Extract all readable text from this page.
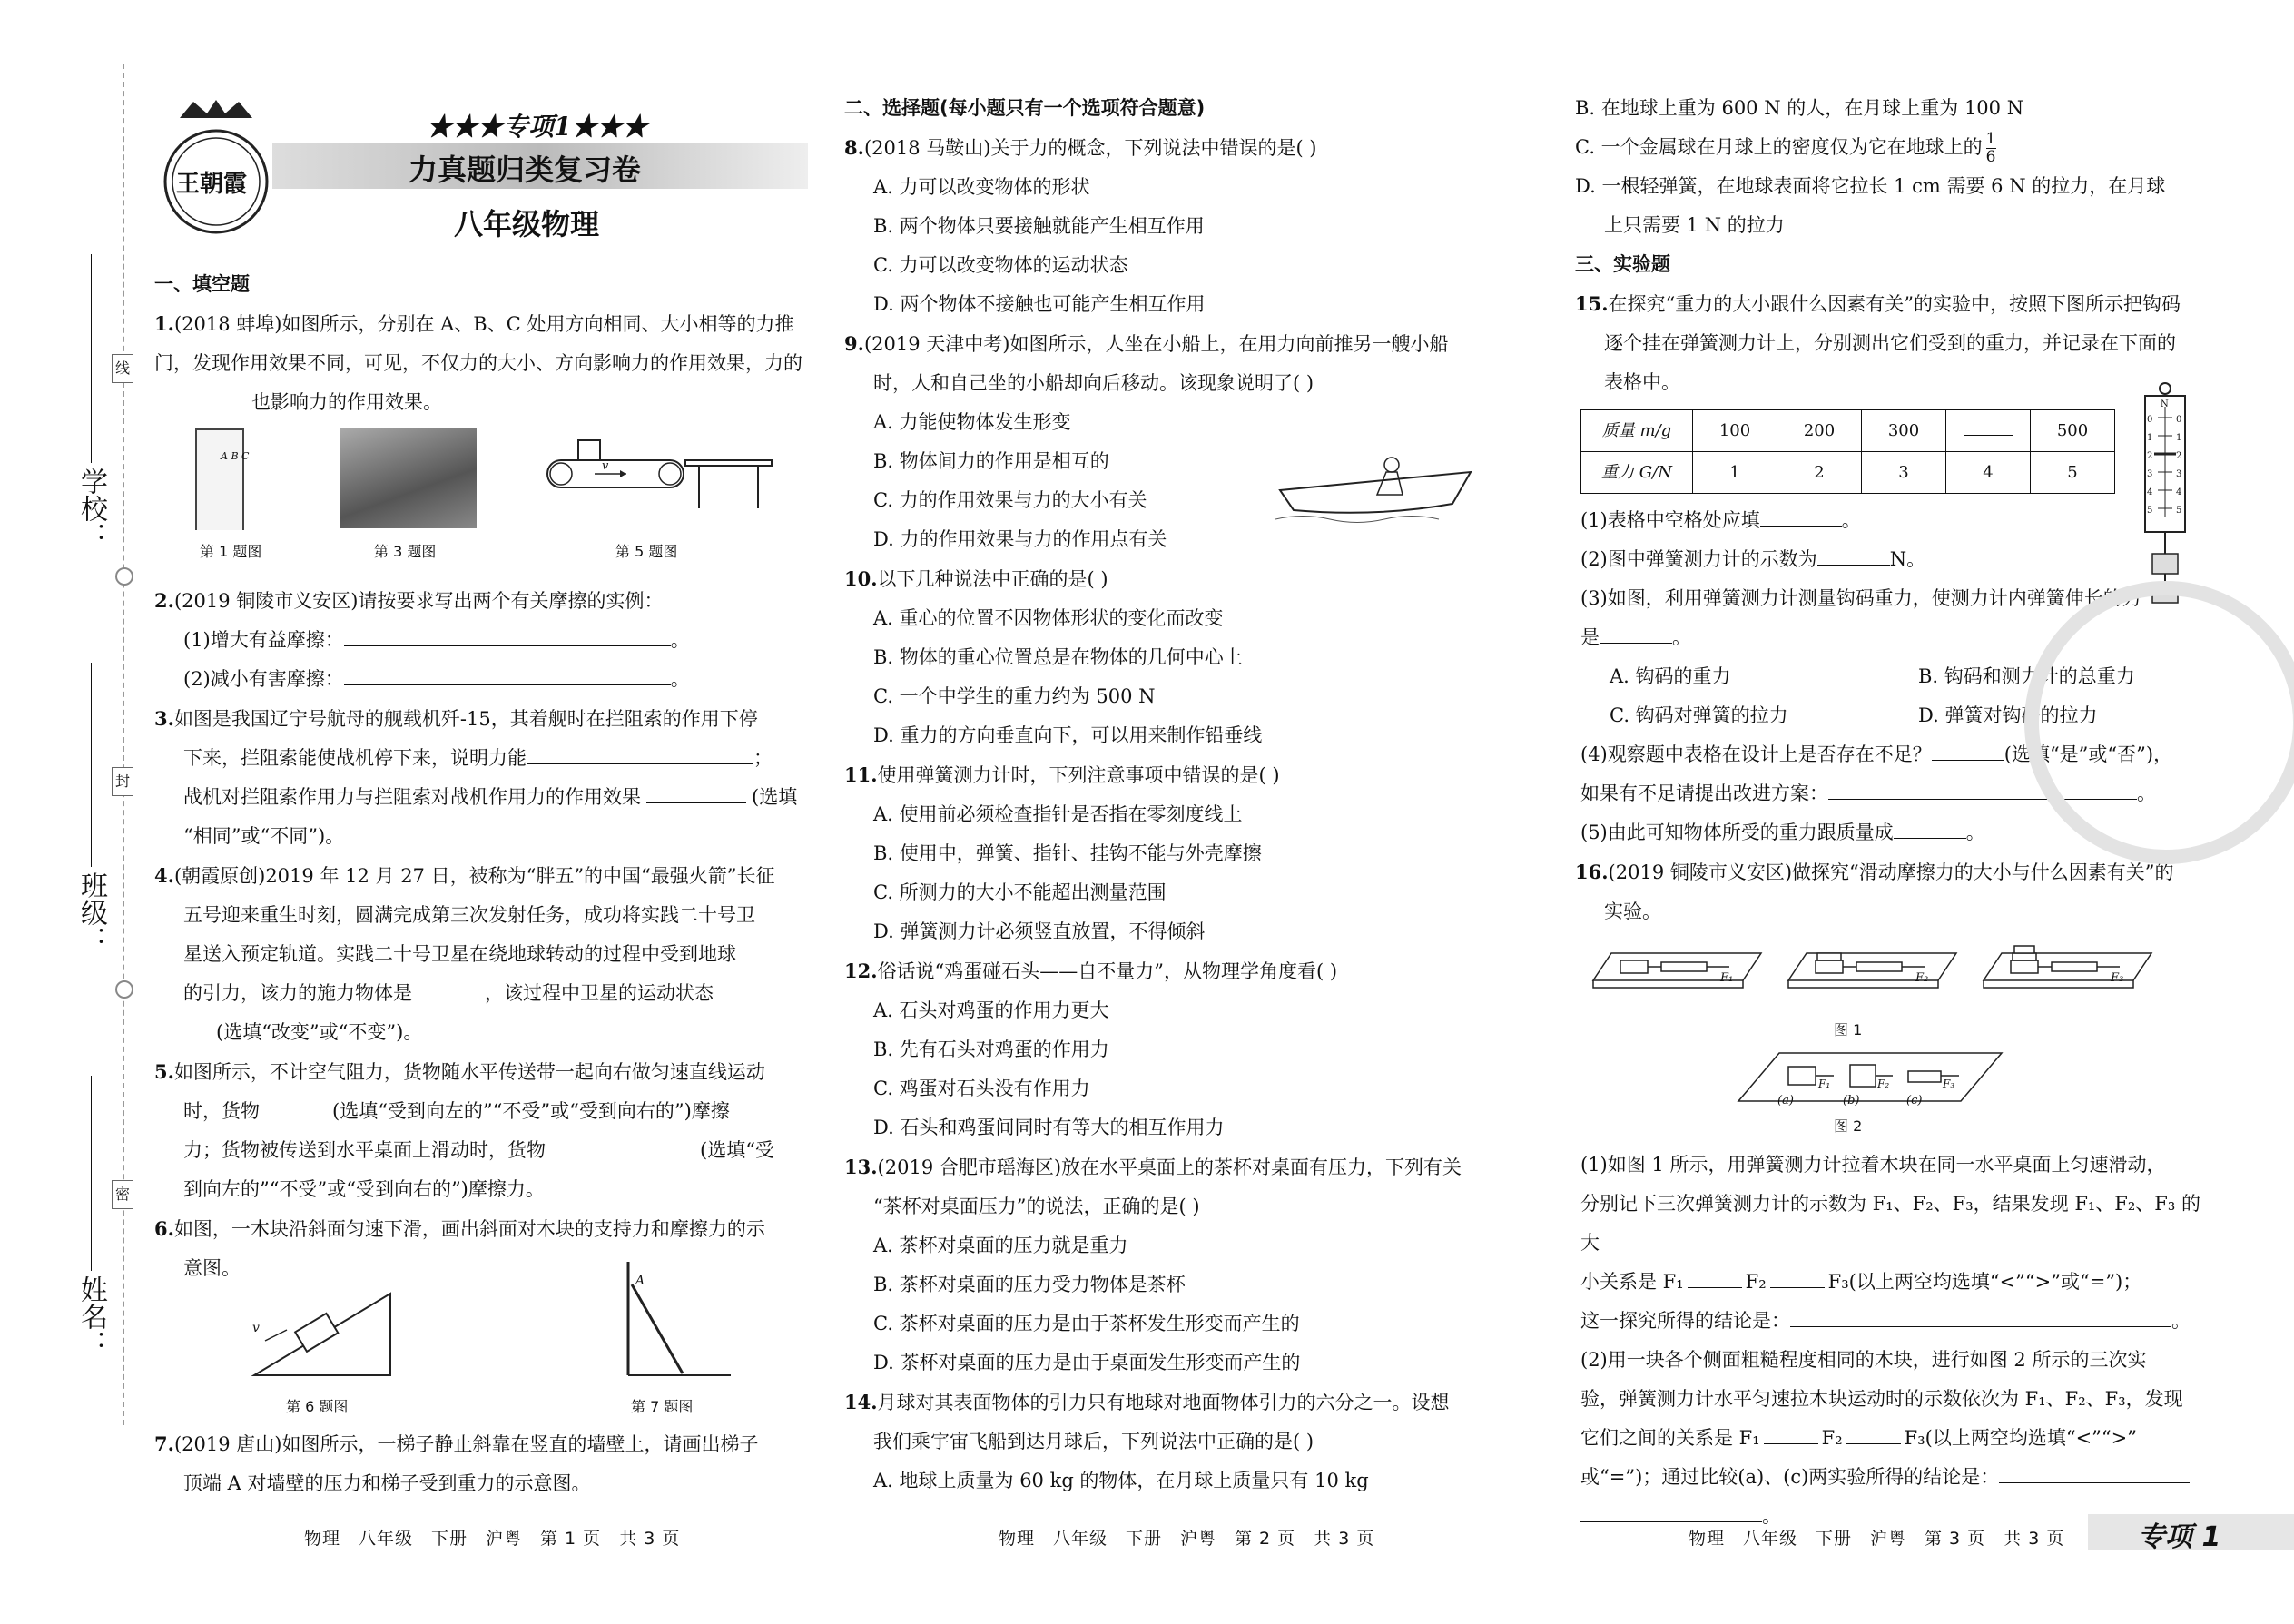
学校：
班级：
姓名：
线
封
密
王朝霞
★★★专项1★★★
力真题归类复习卷
八年级物理

一、填空题

1.(2018 蚌埠)如图所示，分别在 A、B、C 处用方向相同、大小相等的力推门，发现作用效果不同，可见，不仅力的大小、方向影响力的作用效果，力的也影响力的作用效果。

2.(2019 铜陵市义安区)请按要求写出两个有关摩擦的实例：

(1)增大有益摩擦：	。

(2)减小有害摩擦：	。

3.如图是我国辽宁号航母的舰载机歼-15，其着舰时在拦阻索的作用下停

下来，拦阻索能使战机停下来，说明力能	；

战机对拦阻索作用力与拦阻索对战机作用力的作用效果	(选填

“相同”或“不同”)。

4.(朝霞原创)2019 年 12 月 27 日，被称为“胖五”的中国“最强火箭”长征

五号迎来重生时刻，圆满完成第三次发射任务，成功将实践二十号卫

星送入预定轨道。实践二十号卫星在绕地球转动的过程中受到地球

的引力，该力的施力物体是	，该过程中卫星的运动状态

(选填“改变”或“不变”)。

5.如图所示，不计空气阻力，货物随水平传送带一起向右做匀速直线运动

时，货物	(选填“受到向左的”“不受”或“受到向右的”)摩擦

力；货物被传送到水平桌面上滑动时，货物	(选填“受

到向左的”“不受”或“受到向右的”)摩擦力。

6.如图，一木块沿斜面匀速下滑，画出斜面对木块的支持力和摩擦力的示

意图。

7.(2019 唐山)如图所示，一梯子静止斜靠在竖直的墙壁上，请画出梯子

顶端 A 对墙壁的压力和梯子受到重力的示意图。

A B C
v
第 1 题图	第 3 题图	第 5 题图
v
A
第 6 题图	第 7 题图

二、选择题(每小题只有一个选项符合题意)

8.(2018 马鞍山)关于力的概念，下列说法中错误的是( )

A. 力可以改变物体的形状

B. 两个物体只要接触就能产生相互作用

C. 力可以改变物体的运动状态

D. 两个物体不接触也可能产生相互作用

9.(2019 天津中考)如图所示，人坐在小船上，在用力向前推另一艘小船

时，人和自己坐的小船却向后移动。该现象说明了( )

A. 力能使物体发生形变

B. 物体间力的作用是相互的

C. 力的作用效果与力的大小有关

D. 力的作用效果与力的作用点有关

10.以下几种说法中正确的是( )

A. 重心的位置不因物体形状的变化而改变

B. 物体的重心位置总是在物体的几何中心上

C. 一个中学生的重力约为 500 N

D. 重力的方向垂直向下，可以用来制作铅垂线

11.使用弹簧测力计时，下列注意事项中错误的是( )

A. 使用前必须检查指针是否指在零刻度线上

B. 使用中，弹簧、指针、挂钩不能与外壳摩擦

C. 所测力的大小不能超出测量范围

D. 弹簧测力计必须竖直放置，不得倾斜

12.俗话说“鸡蛋碰石头——自不量力”，从物理学角度看( )

A. 石头对鸡蛋的作用力更大

B. 先有石头对鸡蛋的作用力

C. 鸡蛋对石头没有作用力

D. 石头和鸡蛋间同时有等大的相互作用力

13.(2019 合肥市瑶海区)放在水平桌面上的茶杯对桌面有压力，下列有关

“茶杯对桌面压力”的说法，正确的是( )

A. 茶杯对桌面的压力就是重力

B. 茶杯对桌面的压力受力物体是茶杯

C. 茶杯对桌面的压力是由于茶杯发生形变而产生的

D. 茶杯对桌面的压力是由于桌面发生形变而产生的

14.月球对其表面物体的引力只有地球对地面物体引力的六分之一。设想

我们乘宇宙飞船到达月球后，下列说法中正确的是( )

A. 地球上质量为 60 kg 的物体，在月球上质量只有 10 kg

B. 在地球上重为 600 N 的人，在月球上重为 100 N

C. 一个金属球在月球上的密度仅为它在地球上的 $\frac{1}{6}$

D. 一根轻弹簧，在地球表面将它拉长 1 cm 需要 6 N 的拉力，在月球

上只需要 1 N 的拉力

三、实验题

15.在探究“重力的大小跟什么因素有关”的实验中，按照下图所示把钩码

逐个挂在弹簧测力计上，分别测出它们受到的重力，并记录在下面的

表格中。

质量 m/g	100	200	300		500
重力 G/N	1	2	3	4	5

(1)表格中空格处应填	。

(2)图中弹簧测力计的示数为	N。

(3)如图，利用弹簧测力计测量钩码重力，使测力计内弹簧伸长的力

是	。

A. 钩码的重力	B. 钩码和测力计的总重力

C. 钩码对弹簧的拉力	D. 弹簧对钩码的拉力

(4)观察题中表格在设计上是否存在不足？	(选填“是”或“否”)，

如果有不足请提出改进方案：	。

(5)由此可知物体所受的重力跟质量成	。

16.(2019 铜陵市义安区)做探究“滑动摩擦力的大小与什么因素有关”的

实验。

N
0
1
2
3
4
5
0
1
2
3
4
5
F₁	F₂	F₃
图 1
F₁	F₂	F₃
(a)	(b)	(c)
图 2

(1)如图 1 所示，用弹簧测力计拉着木块在同一水平桌面上匀速滑动，

分别记下三次弹簧测力计的示数为 F₁、F₂、F₃，结果发现 F₁、F₂、F₃ 的大

小关系是 F₁	F₂	F₃(以上两空均选填“<”“>”或“=”)；

这一探究所得的结论是：	。

(2)用一块各个侧面粗糙程度相同的木块，进行如图 2 所示的三次实

验，弹簧测力计水平匀速拉木块运动时的示数依次为 F₁、F₂、F₃，发现

它们之间的关系是 F₁	F₂	F₃(以上两空均选填“<”“>”

或“=”)；通过比较(a)、(c)两实验所得的结论是：

。

物理　八年级　下册　沪粤　第 1 页　共 3 页	物理　八年级　下册　沪粤　第 2 页　共 3 页	物理　八年级　下册　沪粤　第 3 页　共 3 页	专项 1
